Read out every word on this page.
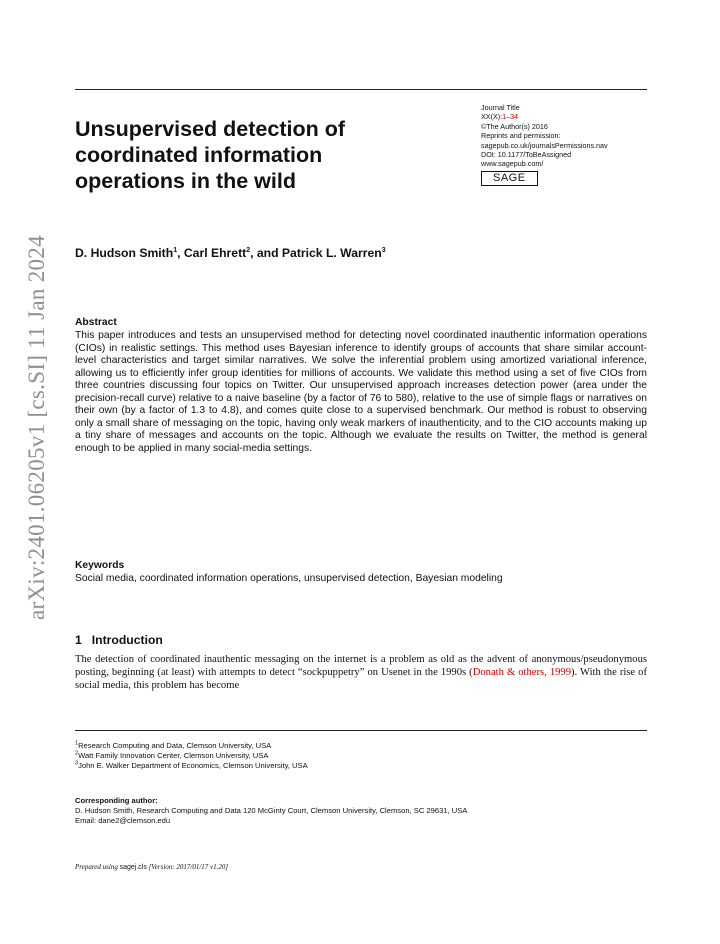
arXiv:2401.06205v1 [cs.SI] 11 Jan 2024
Unsupervised detection of coordinated information operations in the wild
Journal Title
XX(X):1–34
©The Author(s) 2016
Reprints and permission:
sagepub.co.uk/journalsPermissions.nav
DOI: 10.1177/ToBeAssigned
www.sagepub.com/
SAGE

D. Hudson Smith$^1$, Carl Ehrett$^2$, and Patrick L. Warren$^3$

Abstract

This paper introduces and tests an unsupervised method for detecting novel coordinated inauthentic information operations (CIOs) in realistic settings. This method uses Bayesian inference to identify groups of accounts that share similar account-level characteristics and target similar narratives. We solve the inferential problem using amortized variational inference, allowing us to efficiently infer group identities for millions of accounts. We validate this method using a set of five CIOs from three countries discussing four topics on Twitter. Our unsupervised approach increases detection power (area under the precision-recall curve) relative to a naive baseline (by a factor of 76 to 580), relative to the use of simple flags or narratives on their own (by a factor of 1.3 to 4.8), and comes quite close to a supervised benchmark. Our method is robust to observing only a small share of messaging on the topic, having only weak markers of inauthenticity, and to the CIO accounts making up a tiny share of messages and accounts on the topic. Although we evaluate the results on Twitter, the method is general enough to be applied in many social-media settings.

Keywords

Social media, coordinated information operations, unsupervised detection, Bayesian modeling

1 Introduction

The detection of coordinated inauthentic messaging on the internet is a problem as old as the advent of anonymous/pseudonymous posting, beginning (at least) with attempts to detect “sockpuppetry” on Usenet in the 1990s (Donath & others, 1999). With the rise of social media, this problem has become

$^1$Research Computing and Data, Clemson University, USA
$^2$Watt Family Innovation Center, Clemson University, USA
$^3$John E. Walker Department of Economics, Clemson University, USA
Corresponding author:
D. Hudson Smith, Research Computing and Data 120 McGinty Court, Clemson University, Clemson, SC 29631, USA
Email: dane2@clemson.edu
Prepared using sagej.cls [Version: 2017/01/17 v1.20]
